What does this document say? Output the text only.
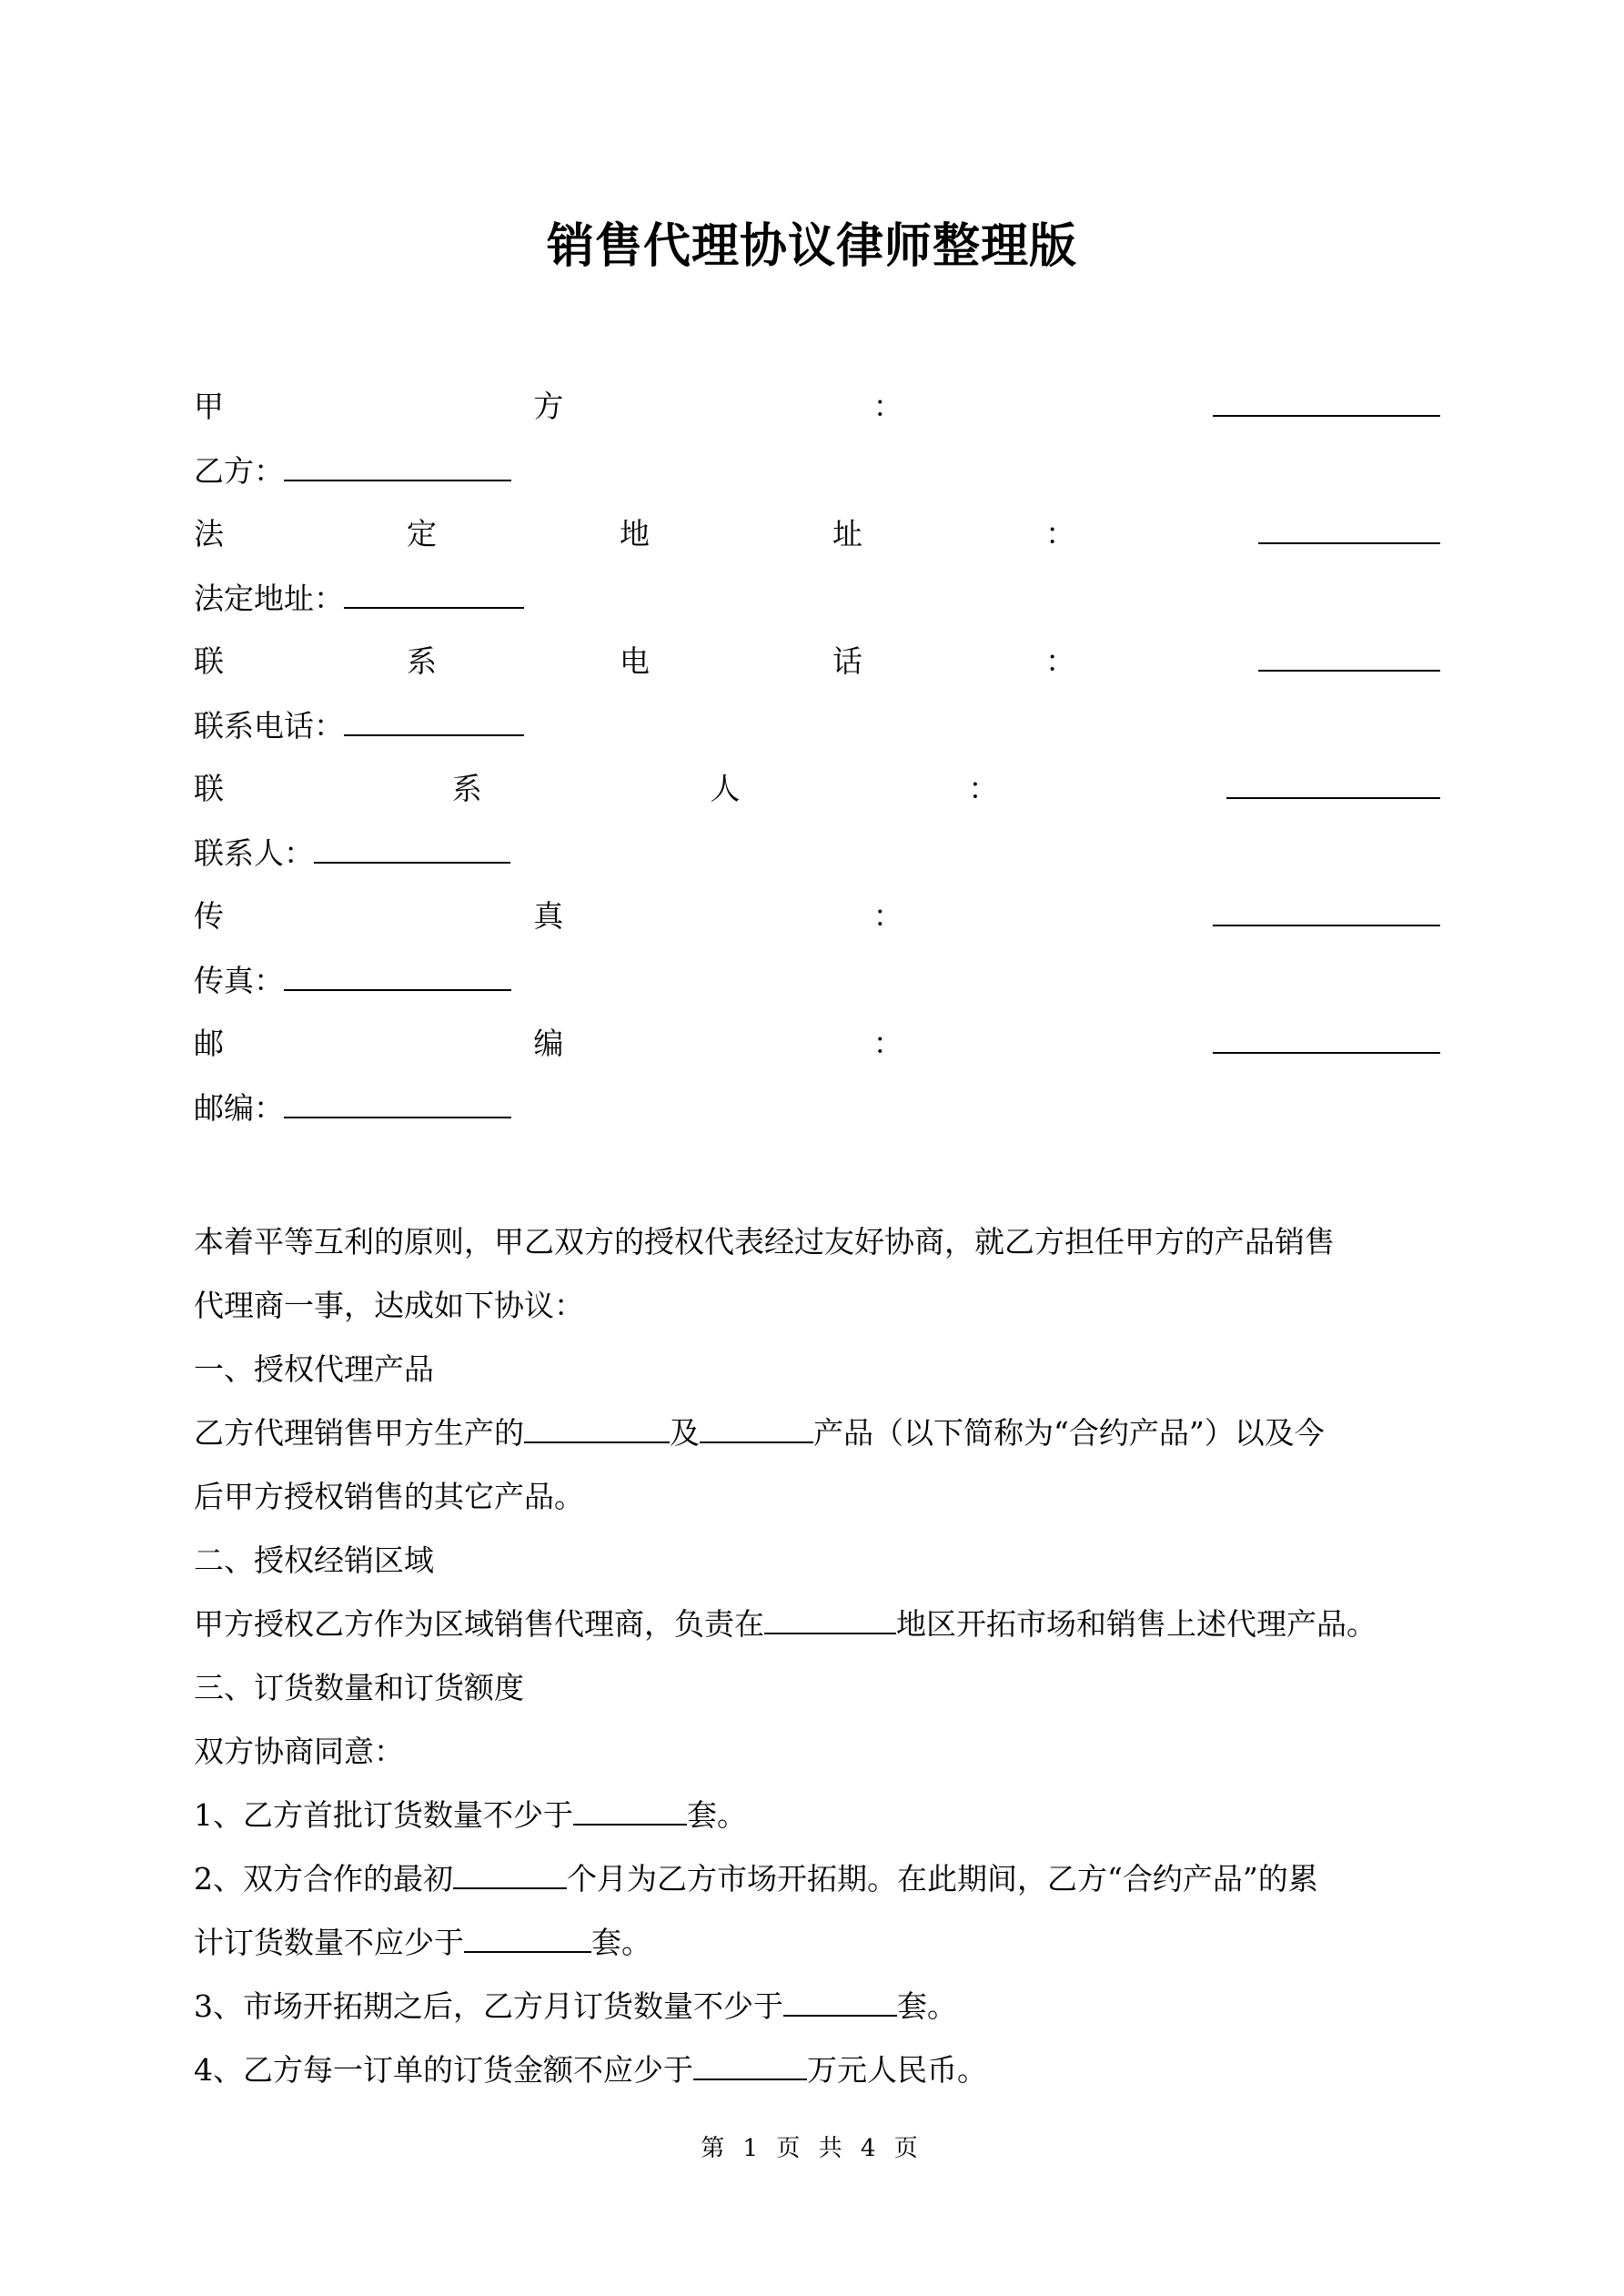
销售代理协议律师整理版
甲	方	：
乙方：
法	定	地	址	：
法定地址：
联	系	电	话	：
联系电话：
联	系	人	：
联系人：
传	真	：
传真：
邮	编	：
邮编：
本着平等互利的原则，甲乙双方的授权代表经过友好协商，就乙方担任甲方的产品销售
代理商一事，达成如下协议：
一、授权代理产品
乙方代理销售甲方生产的	及	产品（以下简称为“合约产品”）以及今
后甲方授权销售的其它产品。
二、授权经销区域
甲方授权乙方作为区域销售代理商，负责在	地区开拓市场和销售上述代理产品。
三、订货数量和订货额度
双方协商同意：
1、乙方首批订货数量不少于	套。
2、双方合作的最初	个月为乙方市场开拓期。在此期间，乙方“合约产品”的累
计订货数量不应少于	套。
3、市场开拓期之后，乙方月订货数量不少于	套。
4、乙方每一订单的订货金额不应少于	万元人民币。
第 1 页 共 4 页
